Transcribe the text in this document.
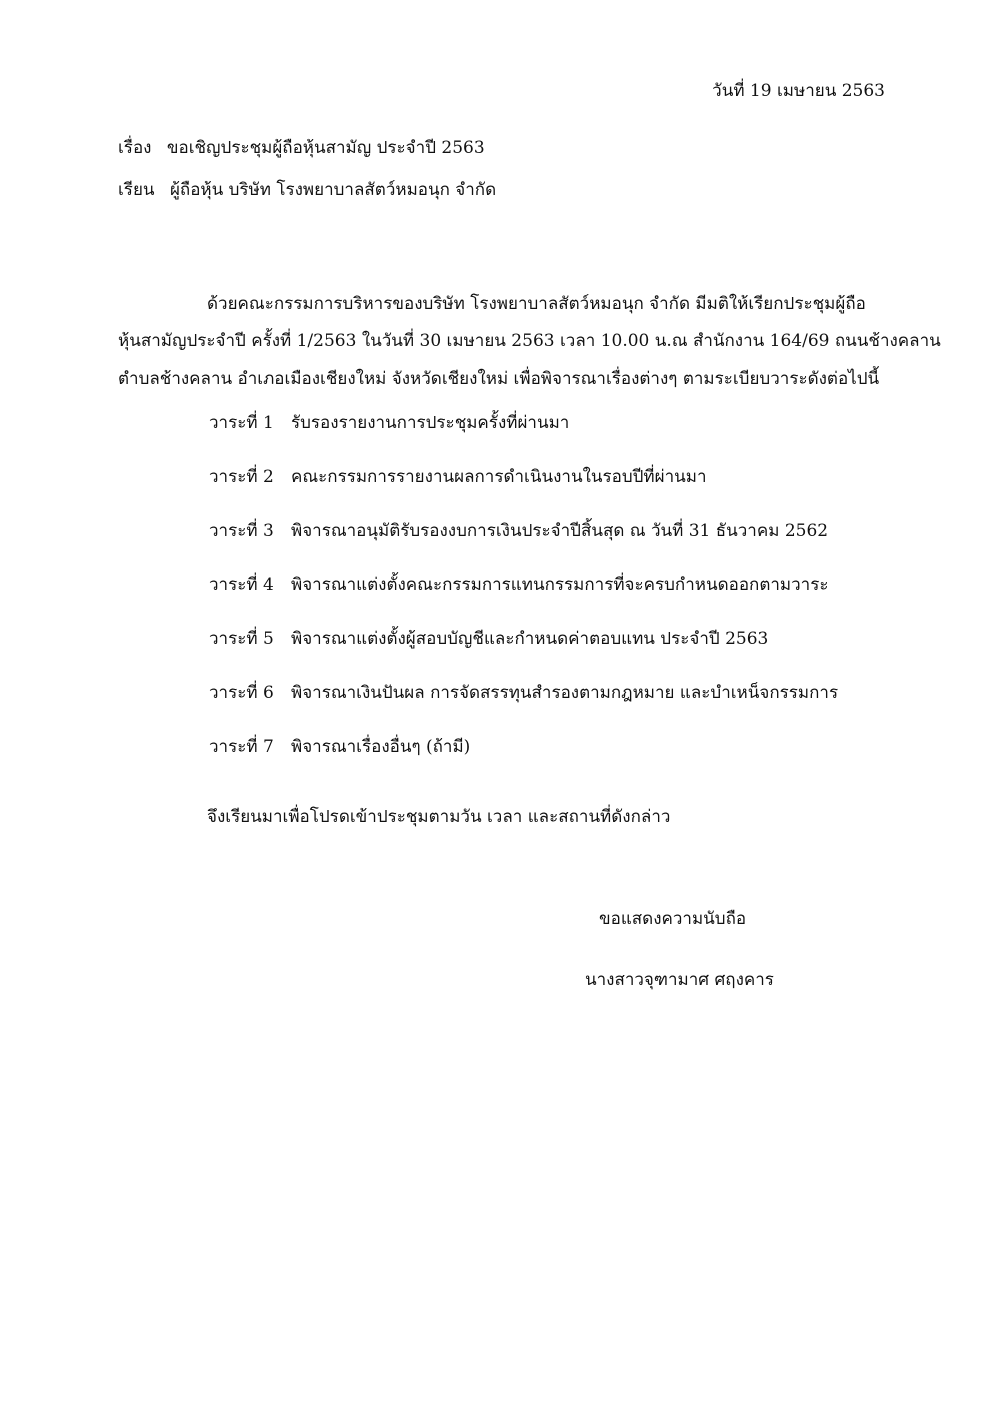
วันที่ 19 เมษายน 2563
เรื่อง ขอเชิญประชุมผู้ถือหุ้นสามัญ ประจำปี 2563
เรียน ผู้ถือหุ้น บริษัท โรงพยาบาลสัตว์หมอนุก จำกัด
ด้วยคณะกรรมการบริหารของบริษัท โรงพยาบาลสัตว์หมอนุก จำกัด มีมติให้เรียกประชุมผู้ถือ
หุ้นสามัญประจำปี ครั้งที่ 1/2563 ในวันที่ 30 เมษายน 2563 เวลา 10.00 น.ณ สำนักงาน 164/69 ถนนช้างคลาน
ตำบลช้างคลาน อำเภอเมืองเชียงใหม่ จังหวัดเชียงใหม่ เพื่อพิจารณาเรื่องต่างๆ ตามระเบียบวาระดังต่อไปนี้
วาระที่ 1 รับรองรายงานการประชุมครั้งที่ผ่านมา
วาระที่ 2 คณะกรรมการรายงานผลการดำเนินงานในรอบปีที่ผ่านมา
วาระที่ 3 พิจารณาอนุมัติรับรองงบการเงินประจำปีสิ้นสุด ณ วันที่ 31 ธันวาคม 2562
วาระที่ 4 พิจารณาแต่งตั้งคณะกรรมการแทนกรรมการที่จะครบกำหนดออกตามวาระ
วาระที่ 5 พิจารณาแต่งตั้งผู้สอบบัญชีและกำหนดค่าตอบแทน ประจำปี 2563
วาระที่ 6 พิจารณาเงินปันผล การจัดสรรทุนสำรองตามกฎหมาย และบำเหน็จกรรมการ
วาระที่ 7 พิจารณาเรื่องอื่นๆ (ถ้ามี)
จึงเรียนมาเพื่อโปรดเข้าประชุมตามวัน เวลา และสถานที่ดังกล่าว
ขอแสดงความนับถือ
นางสาวจุฑามาศ ศฤงคาร
